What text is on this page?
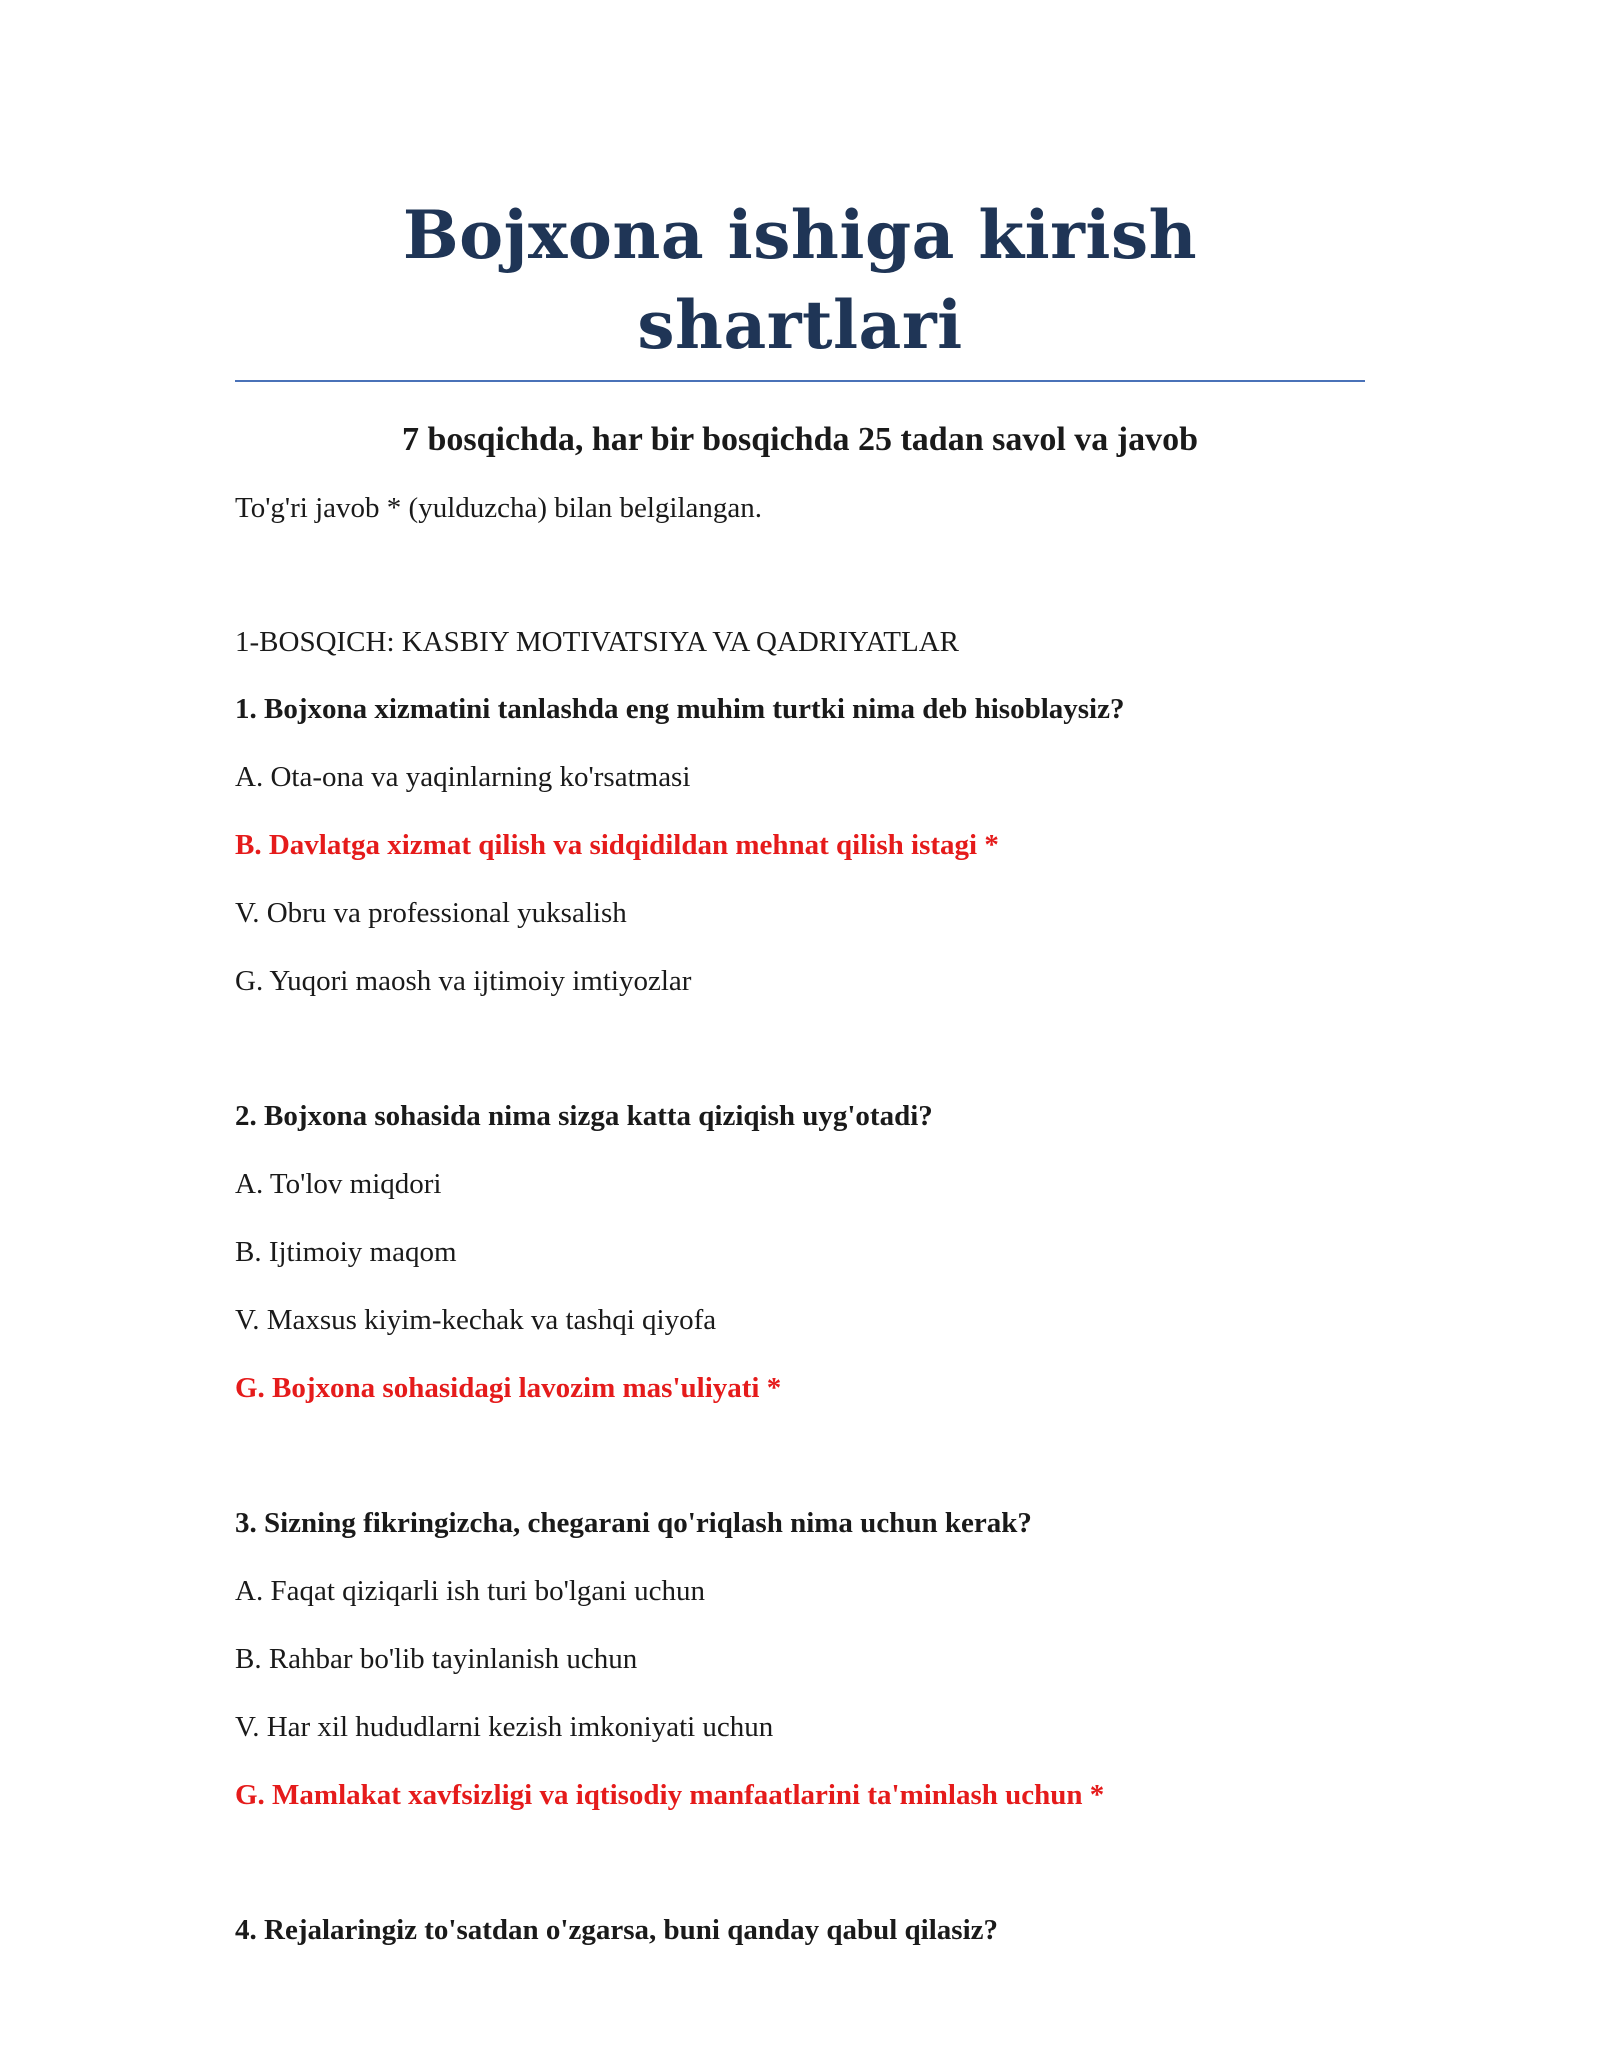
Bojxona ishiga kirish shartlari

7 bosqichda, har bir bosqichda 25 tadan savol va javob

To'g'ri javob * (yulduzcha) bilan belgilangan.

1-BOSQICH: KASBIY MOTIVATSIYA VA QADRIYATLAR

1. Bojxona xizmatini tanlashda eng muhim turtki nima deb hisoblaysiz?

A. Ota-ona va yaqinlarning ko'rsatmasi

B. Davlatga xizmat qilish va sidqidildan mehnat qilish istagi *

V. Obru va professional yuksalish

G. Yuqori maosh va ijtimoiy imtiyozlar

2. Bojxona sohasida nima sizga katta qiziqish uyg'otadi?

A. To'lov miqdori

B. Ijtimoiy maqom

V. Maxsus kiyim-kechak va tashqi qiyofa

G. Bojxona sohasidagi lavozim mas'uliyati *

3. Sizning fikringizcha, chegarani qo'riqlash nima uchun kerak?

A. Faqat qiziqarli ish turi bo'lgani uchun

B. Rahbar bo'lib tayinlanish uchun

V. Har xil hududlarni kezish imkoniyati uchun

G. Mamlakat xavfsizligi va iqtisodiy manfaatlarini ta'minlash uchun *

4. Rejalaringiz to'satdan o'zgarsa, buni qanday qabul qilasiz?
